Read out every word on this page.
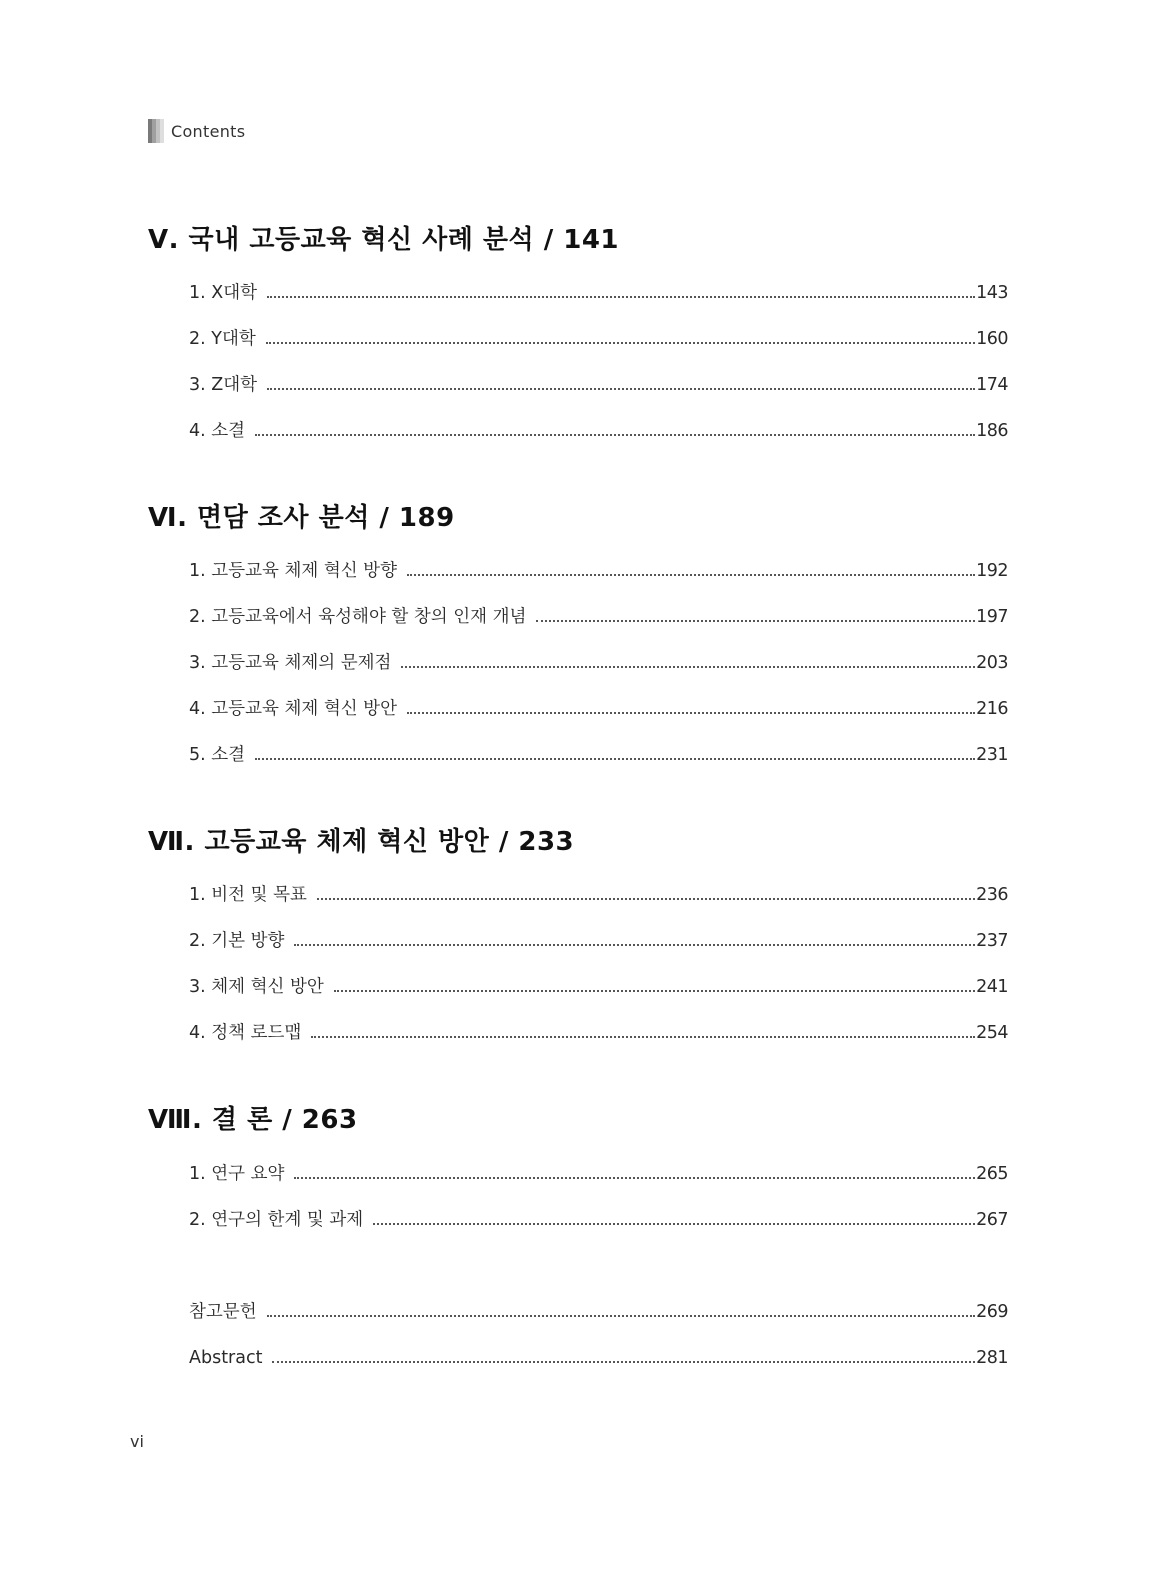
Contents
Ⅴ. 국내 고등교육 혁신 사례 분석 / 141
1. X대학	143
2. Y대학	160
3. Z대학	174
4. 소결	186
Ⅵ. 면담 조사 분석 / 189
1. 고등교육 체제 혁신 방향	192
2. 고등교육에서 육성해야 할 창의 인재 개념	197
3. 고등교육 체제의 문제점	203
4. 고등교육 체제 혁신 방안	216
5. 소결	231
Ⅶ. 고등교육 체제 혁신 방안 / 233
1. 비전 및 목표	236
2. 기본 방향	237
3. 체제 혁신 방안	241
4. 정책 로드맵	254
Ⅷ. 결 론 / 263
1. 연구 요약	265
2. 연구의 한계 및 과제	267
참고문헌	269
Abstract	281
vi
